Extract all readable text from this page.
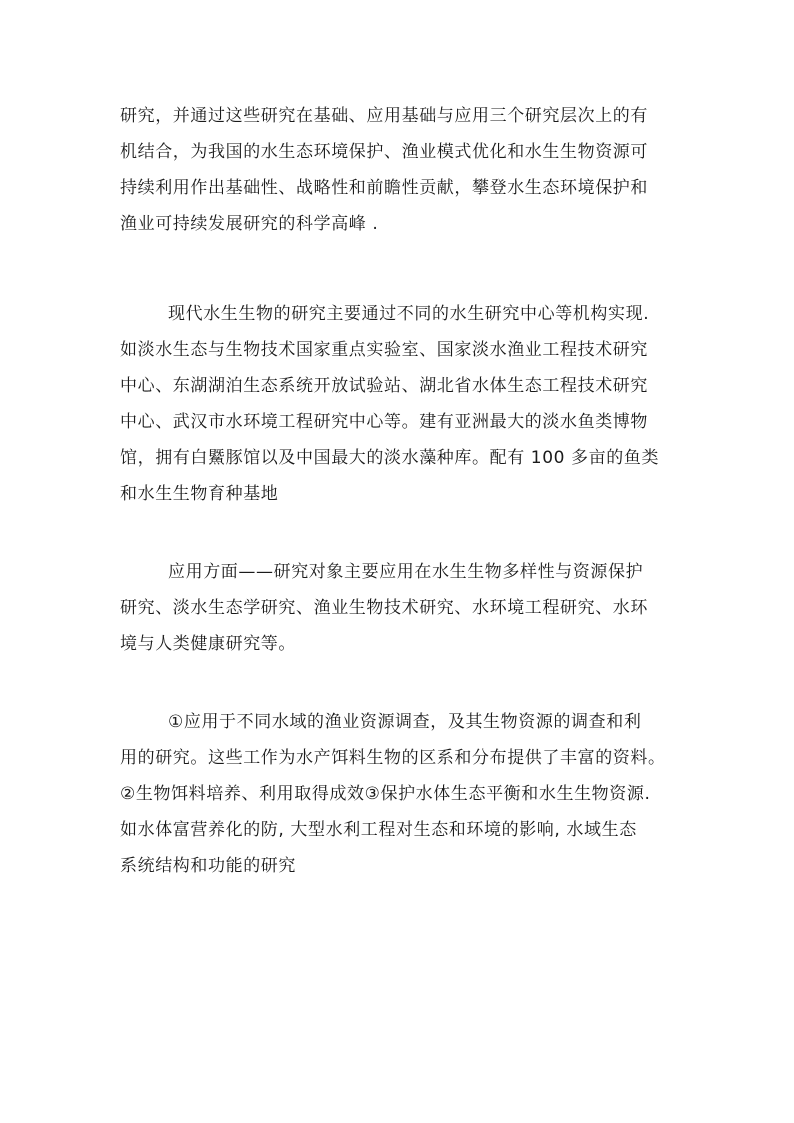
研究，并通过这些研究在基础、应用基础与应用三个研究层次上的有
机结合，为我国的水生态环境保护、渔业模式优化和水生生物资源可
持续利用作出基础性、战略性和前瞻性贡献，攀登水生态环境保护和
渔业可持续发展研究的科学高峰 .
现代水生生物的研究主要通过不同的水生研究中心等机构实现.
如淡水生态与生物技术国家重点实验室、国家淡水渔业工程技术研究
中心、东湖湖泊生态系统开放试验站、湖北省水体生态工程技术研究
中心、武汉市水环境工程研究中心等。建有亚洲最大的淡水鱼类博物
馆，拥有白鱀豚馆以及中国最大的淡水藻种库。配有 100 多亩的鱼类
和水生生物育种基地
应用方面——研究对象主要应用在水生生物多样性与资源保护
研究、淡水生态学研究、渔业生物技术研究、水环境工程研究、水环
境与人类健康研究等。
①应用于不同水域的渔业资源调查，及其生物资源的调查和利
用的研究。这些工作为水产饵料生物的区系和分布提供了丰富的资料。
②生物饵料培养、利用取得成效③保护水体生态平衡和水生生物资源.
如水体富营养化的防, 大型水利工程对生态和环境的影响, 水域生态
系统结构和功能的研究
